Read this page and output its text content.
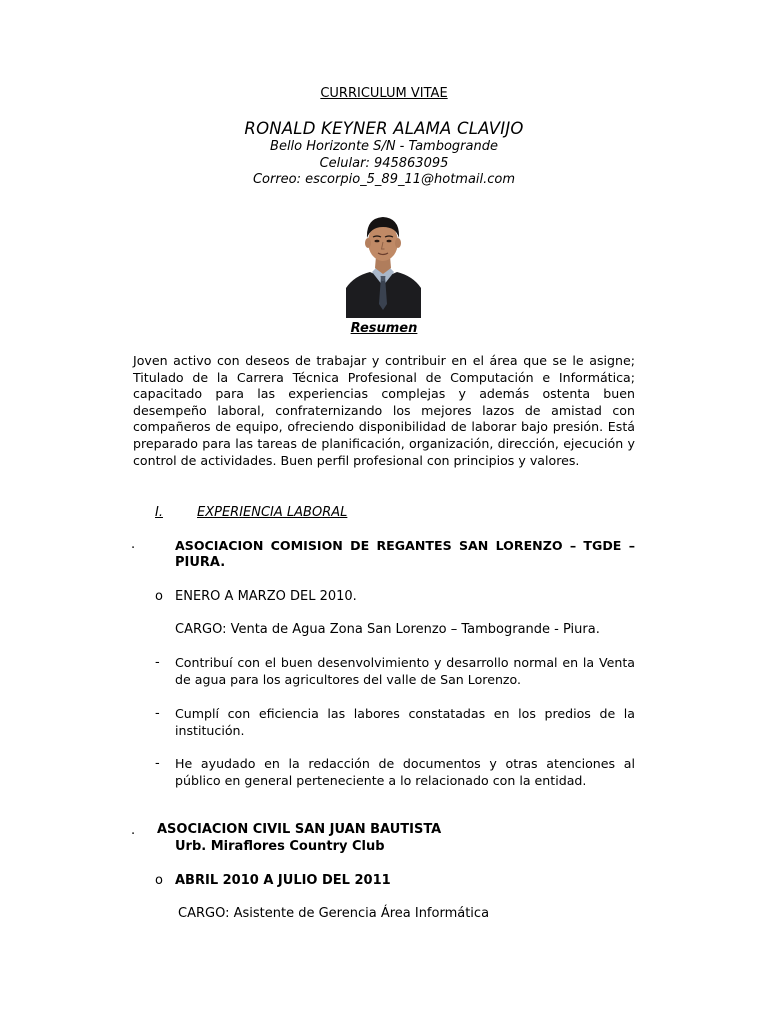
CURRICULUM VITAE
RONALD KEYNER ALAMA CLAVIJO
Bello Horizonte S/N - Tambogrande
Celular: 945863095
Correo: escorpio_5_89_11@hotmail.com
Resumen
Joven activo con deseos de trabajar y contribuir en el área que se le asigne; Titulado de la Carrera Técnica Profesional de Computación e Informática; capacitado para las experiencias complejas y además ostenta buen desempeño laboral, confraternizando los mejores lazos de amistad con compañeros de equipo, ofreciendo disponibilidad de laborar bajo presión. Está preparado para las tareas de planificación, organización, dirección, ejecución y control de actividades. Buen perfil profesional con principios y valores.
I.	EXPERIENCIA LABORAL
.	ASOCIACION COMISION DE REGANTES SAN LORENZO – TGDE –
PIURA.
o ENERO A MARZO DEL 2010.
CARGO: Venta de Agua Zona San Lorenzo – Tambogrande - Piura.
- Contribuí con el buen desenvolvimiento y desarrollo normal en la Venta de agua para los agricultores del valle de San Lorenzo.
- Cumplí con eficiencia las labores constatadas en los predios de la institución.
- He ayudado en la redacción de documentos y otras atenciones al público en general perteneciente a lo relacionado con la entidad.
. ASOCIACION CIVIL SAN JUAN BAUTISTA
Urb. Miraflores Country Club
o ABRIL 2010 A JULIO DEL 2011
CARGO: Asistente de Gerencia Área Informática
